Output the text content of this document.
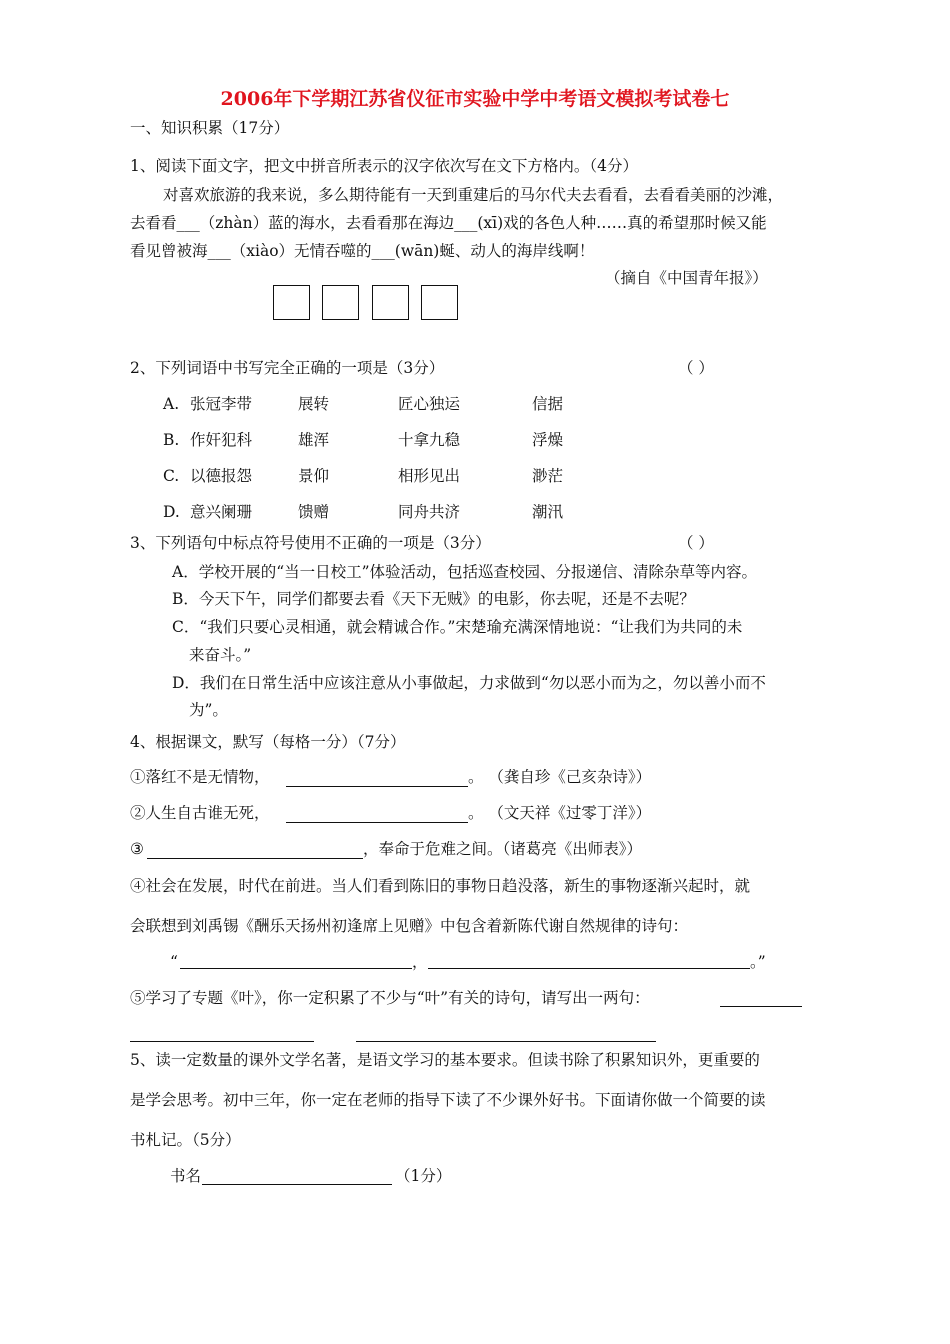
2006年下学期江苏省仪征市实验中学中考语文模拟考试卷七
一、知识积累（17分）
1、阅读下面文字，把文中拼音所表示的汉字依次写在文下方格内。（4分）
对喜欢旅游的我来说，多么期待能有一天到重建后的马尔代夫去看看，去看看美丽的沙滩，
去看看___（zhàn）蓝的海水，去看看那在海边___(xī)戏的各色人种……真的希望那时候又能
看见曾被海___（xiào）无情吞噬的___(wān)蜒、动人的海岸线啊！
（摘自《中国青年报》）
2、下列词语中书写完全正确的一项是（3分）	（ ）
A. 张冠李带	展转	匠心独运	信据
B. 作奸犯科	雄浑	十拿九稳	浮燥
C. 以德报怨	景仰	相形见出	渺茫
D. 意兴阑珊	馈赠	同舟共济	潮汛
3、下列语句中标点符号使用不正确的一项是（3分）	（ ）
A．学校开展的“当一日校工”体验活动，包括巡查校园、分报递信、清除杂草等内容。
B．今天下午，同学们都要去看《天下无贼》的电影，你去呢，还是不去呢？
C．“我们只要心灵相通，就会精诚合作。”宋楚瑜充满深情地说：“让我们为共同的未
来奋斗。”
D．我们在日常生活中应该注意从小事做起，力求做到“勿以恶小而为之，勿以善小而不
为”。
4、根据课文，默写（每格一分）（7分）
①落红不是无情物，	。 （龚自珍《己亥杂诗》）
②人生自古谁无死，	。 （文天祥《过零丁洋》）
③	，奉命于危难之间。（诸葛亮《出师表》）
④社会在发展，时代在前进。当人们看到陈旧的事物日趋没落，新生的事物逐渐兴起时，就
会联想到刘禹锡《酬乐天扬州初逢席上见赠》中包含着新陈代谢自然规律的诗句：
“	，	。”
⑤学习了专题《叶》，你一定积累了不少与“叶”有关的诗句，请写出一两句：
5、读一定数量的课外文学名著，是语文学习的基本要求。但读书除了积累知识外，更重要的
是学会思考。初中三年，你一定在老师的指导下读了不少课外好书。下面请你做一个简要的读
书札记。（5分）
书名	（1分）
